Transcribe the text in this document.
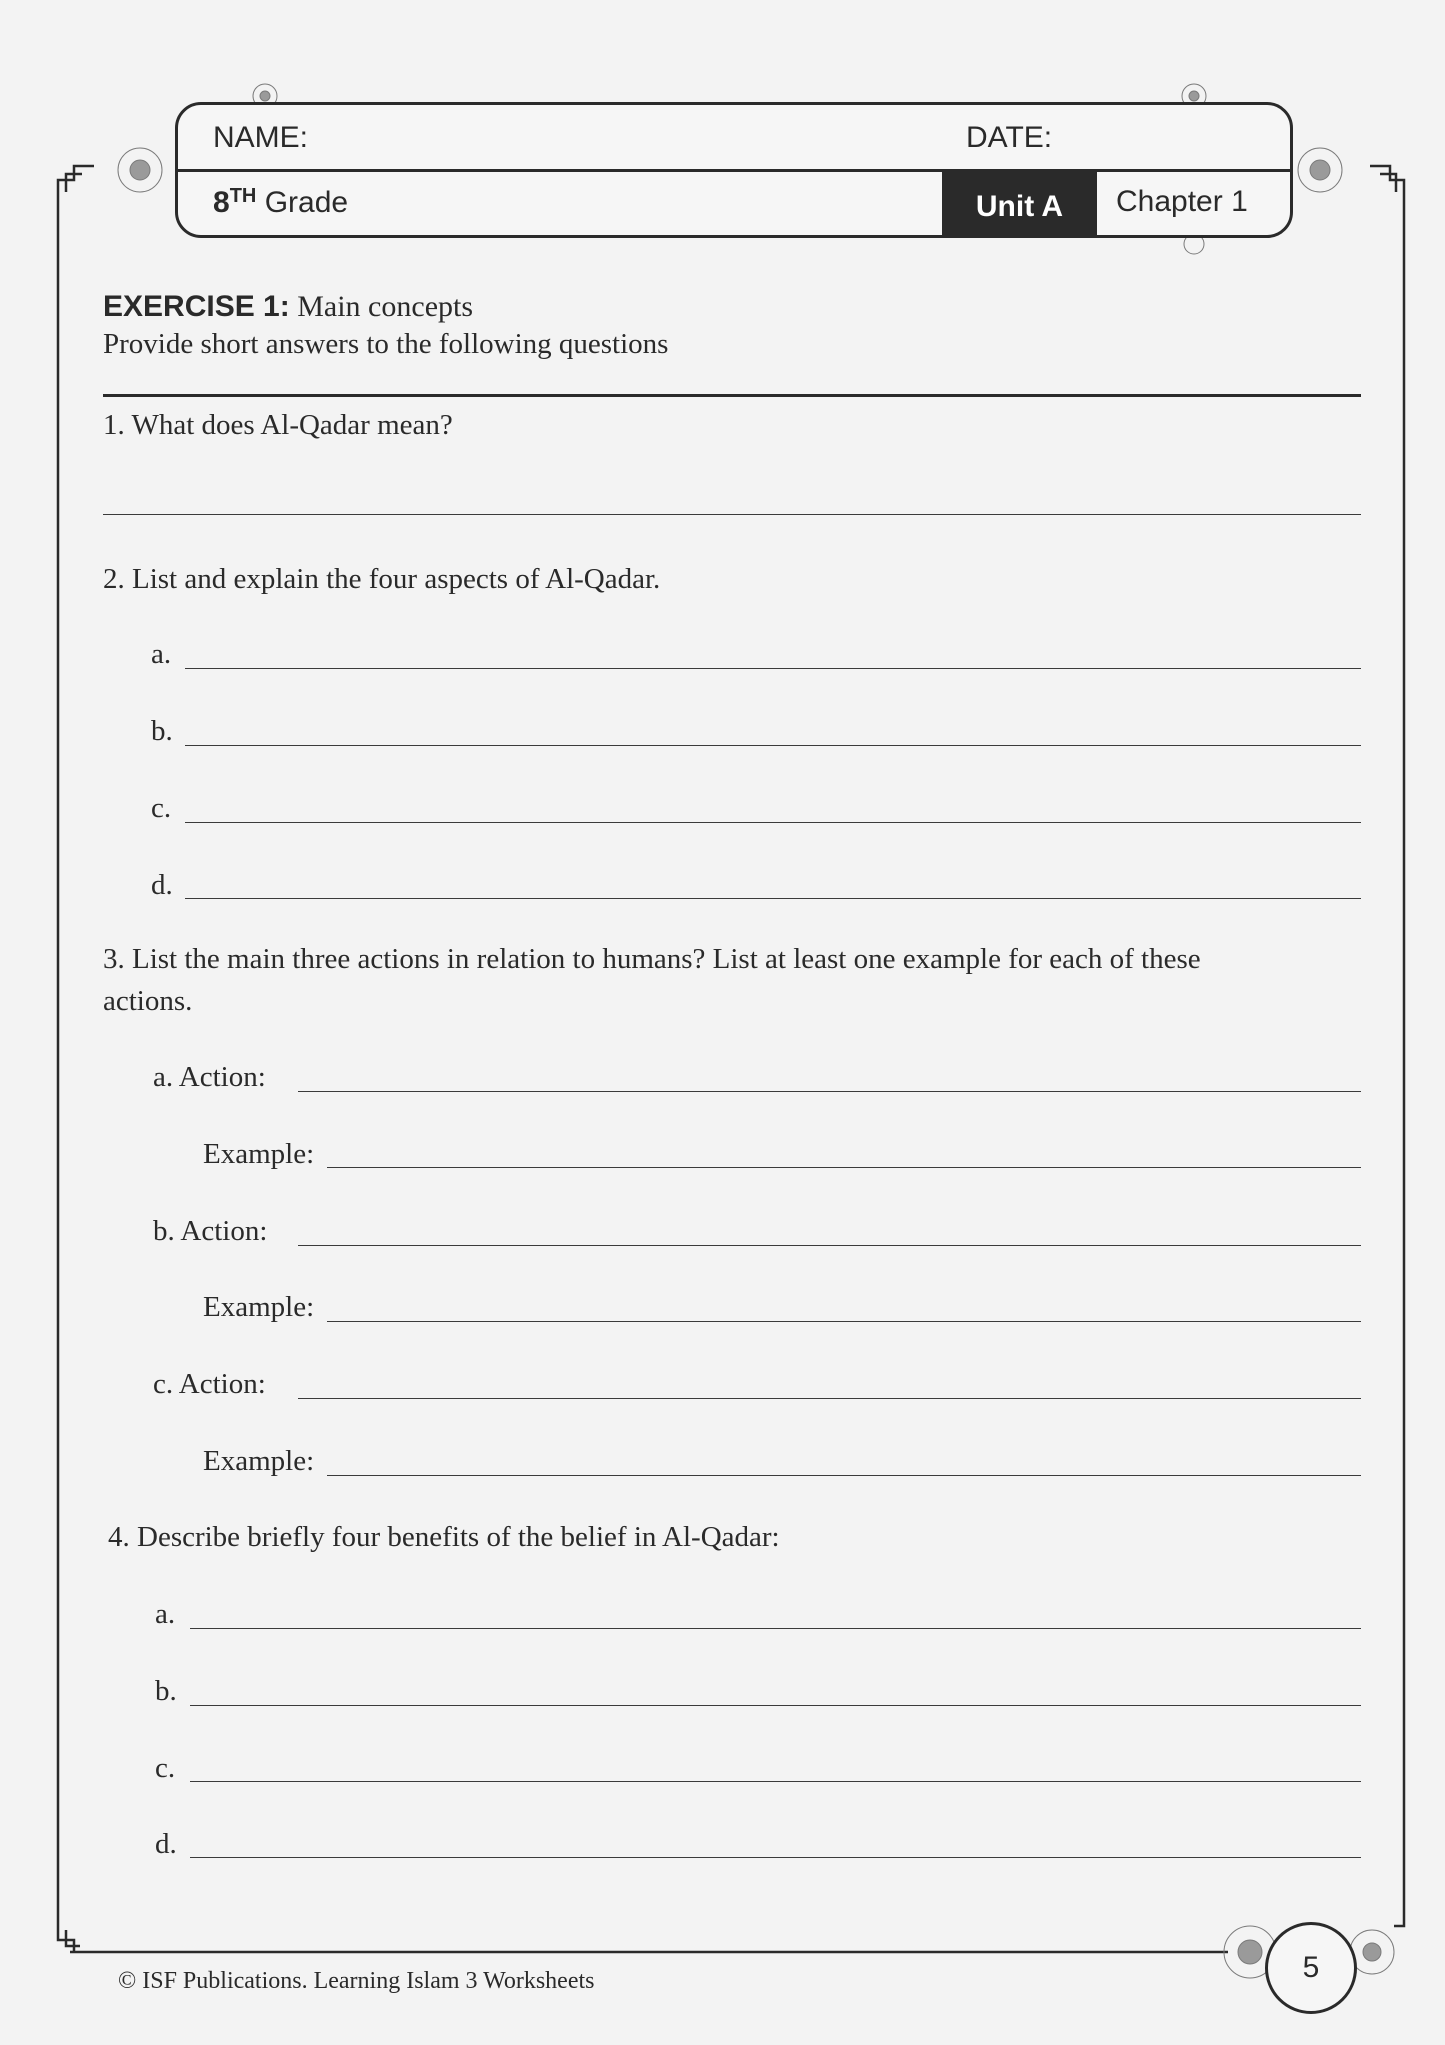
NAME:	DATE:
8TH Grade	Unit A	Chapter 1
EXERCISE 1: Main concepts
Provide short answers to the following questions
1. What does Al-Qadar mean?
2. List and explain the four aspects of Al-Qadar.
a.
b.
c.
d.
3. List the main three actions in relation to humans? List at least one example for each of these
actions.
a. Action:
Example:
b. Action:
Example:
c. Action:
Example:
4. Describe briefly four benefits of the belief in Al-Qadar:
a.
b.
c.
d.
© ISF Publications. Learning Islam 3 Worksheets	5
